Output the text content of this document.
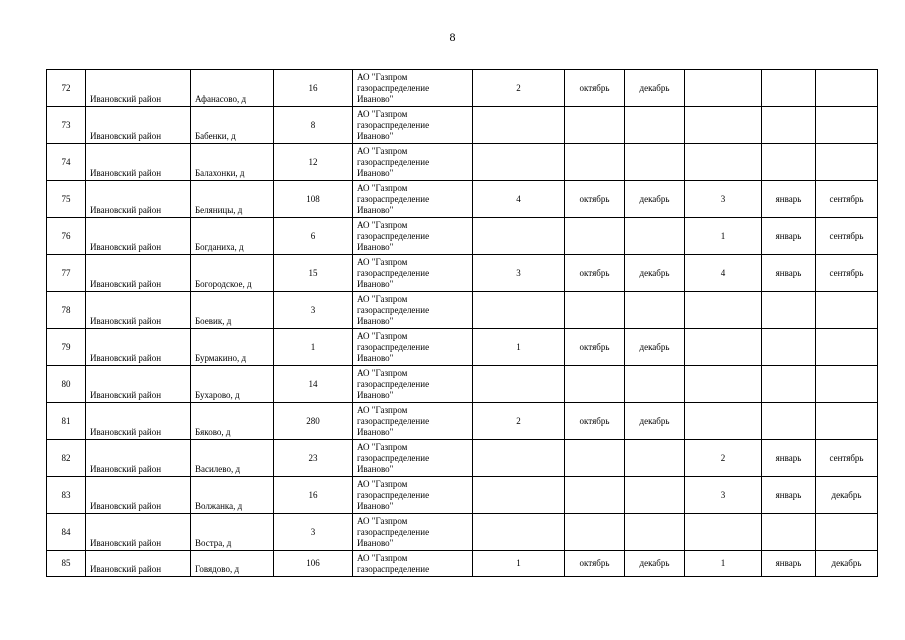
8
72	Ивановский район	Афанасово, д	16	АО "Газпром
газораспределение
Иваново"	2	октябрь	декабрь			
73	Ивановский район	Бабенки, д	8	АО "Газпром
газораспределение
Иваново"						

74	Ивановский район	Балахонки, д	12	АО "Газпром
газораспределение
Иваново"						

75	Ивановский район	Беляницы, д	108	АО "Газпром
газораспределение
Иваново"	4	октябрь	декабрь	3	январь	сентябрь
76	Ивановский район	Богданиха, д	6	АО "Газпром
газораспределение
Иваново"				1	январь	сентябрь
77	Ивановский район	Богородское, д	15	АО "Газпром
газораспределение
Иваново"	3	октябрь	декабрь	4	январь	сентябрь
78	Ивановский район	Боевик, д	3	АО "Газпром
газораспределение
Иваново"						

79	Ивановский район	Бурмакино, д	1	АО "Газпром
газораспределение
Иваново"	1	октябрь	декабрь			
80	Ивановский район	Бухарово, д	14	АО "Газпром
газораспределение
Иваново"						

81	Ивановский район	Бяково, д	280	АО "Газпром
газораспределение
Иваново"	2	октябрь	декабрь			
82	Ивановский район	Василево, д	23	АО "Газпром
газораспределение
Иваново"				2	январь	сентябрь
83	Ивановский район	Волжанка, д	16	АО "Газпром
газораспределение
Иваново"				3	январь	декабрь
84	Ивановский район	Востра, д	3	АО "Газпром
газораспределение
Иваново"						

85	Ивановский район	Говядово, д	106	АО "Газпром
газораспределение	1	октябрь	декабрь	1	январь	декабрь
